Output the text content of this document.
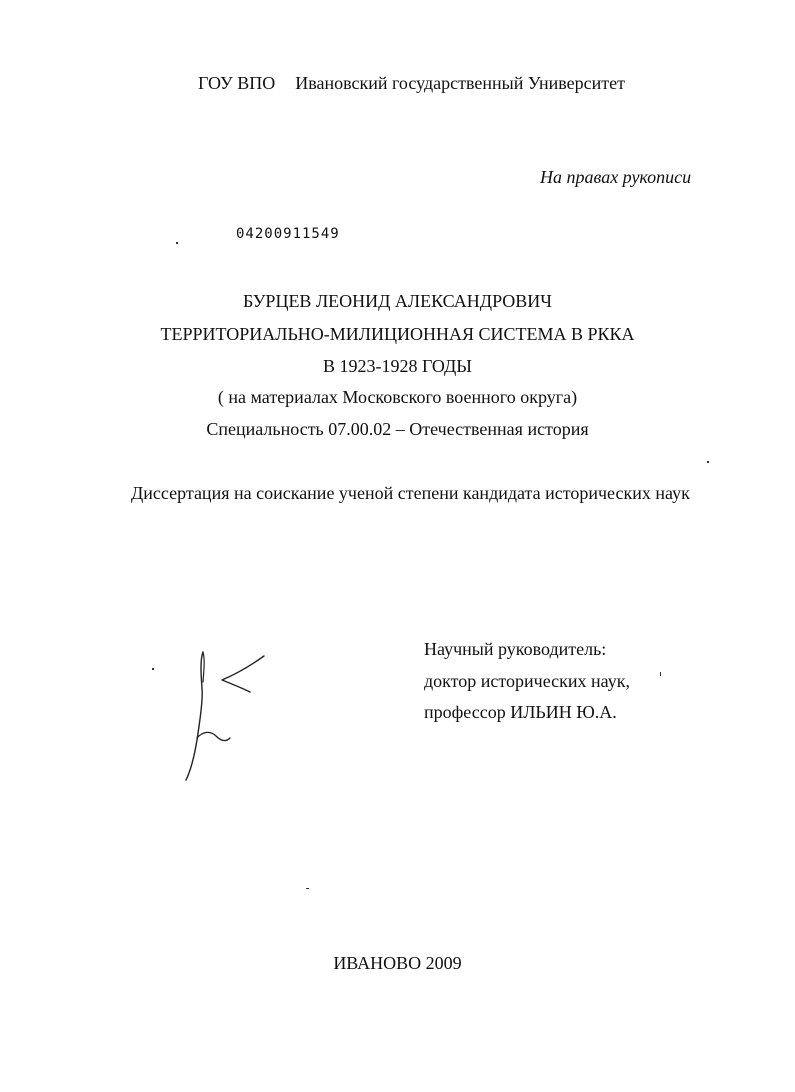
ГОУ ВПО Ивановский государственный Университет
На правах рукописи
04200911549
БУРЦЕВ ЛЕОНИД АЛЕКСАНДРОВИЧ
ТЕРРИТОРИАЛЬНО-МИЛИЦИОННАЯ СИСТЕМА В РККА
В 1923-1928 ГОДЫ
( на материалах Московского военного округа)
Специальность 07.00.02 – Отечественная история
Диссертация на соискание ученой степени кандидата исторических наук
Научный руководитель:
доктор исторических наук,
профессор ИЛЬИН Ю.А.
ИВАНОВО 2009
